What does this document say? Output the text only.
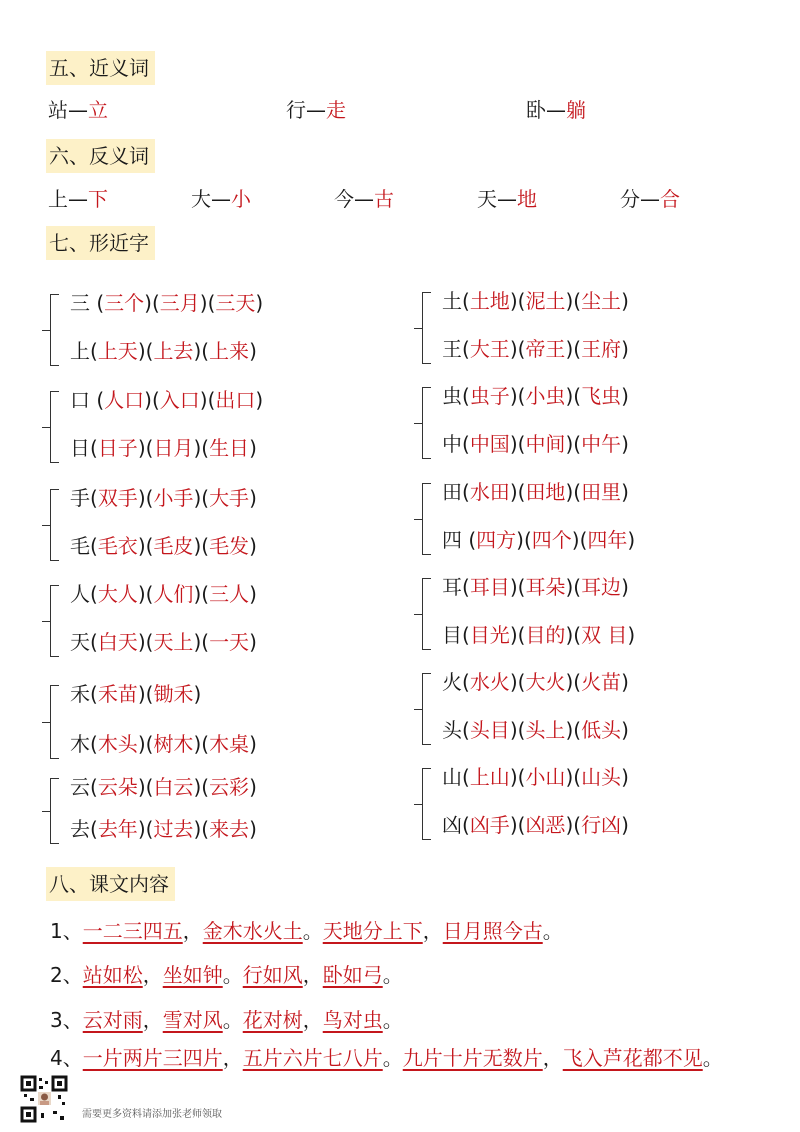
五、近义词
站—立	行—走	卧—躺
六、反义词
上—下	大—小	今—古	天—地	分—合
七、形近字
三 (三个)(三月)(三天)
上(上天)(上去)(上来)
口 (人口)(入口)(出口)
日(日子)(日月)(生日)
手(双手)(小手)(大手)
毛(毛衣)(毛皮)(毛发)
人(大人)(人们)(三人)
天(白天)(天上)(一天)
禾(禾苗)(锄禾)
木(木头)(树木)(木桌)
云(云朵)(白云)(云彩)
去(去年)(过去)(来去)
土(土地)(泥土)(尘土)
王(大王)(帝王)(王府)
虫(虫子)(小虫)(飞虫)
中(中国)(中间)(中午)
田(水田)(田地)(田里)
四 (四方)(四个)(四年)
耳(耳目)(耳朵)(耳边)
目(目光)(目的)(双 目)
火(水火)(大火)(火苗)
头(头目)(头上)(低头)
山(上山)(小山)(山头)
凶(凶手)(凶恶)(行凶)
八、课文内容
1、一二三四五，金木水火土。天地分上下，日月照今古。
2、站如松，坐如钟。行如风，卧如弓。
3、云对雨，雪对风。花对树，鸟对虫。
4、一片两片三四片，五片六片七八片。九片十片无数片，飞入芦花都不见。
需要更多资料请添加张老师领取
